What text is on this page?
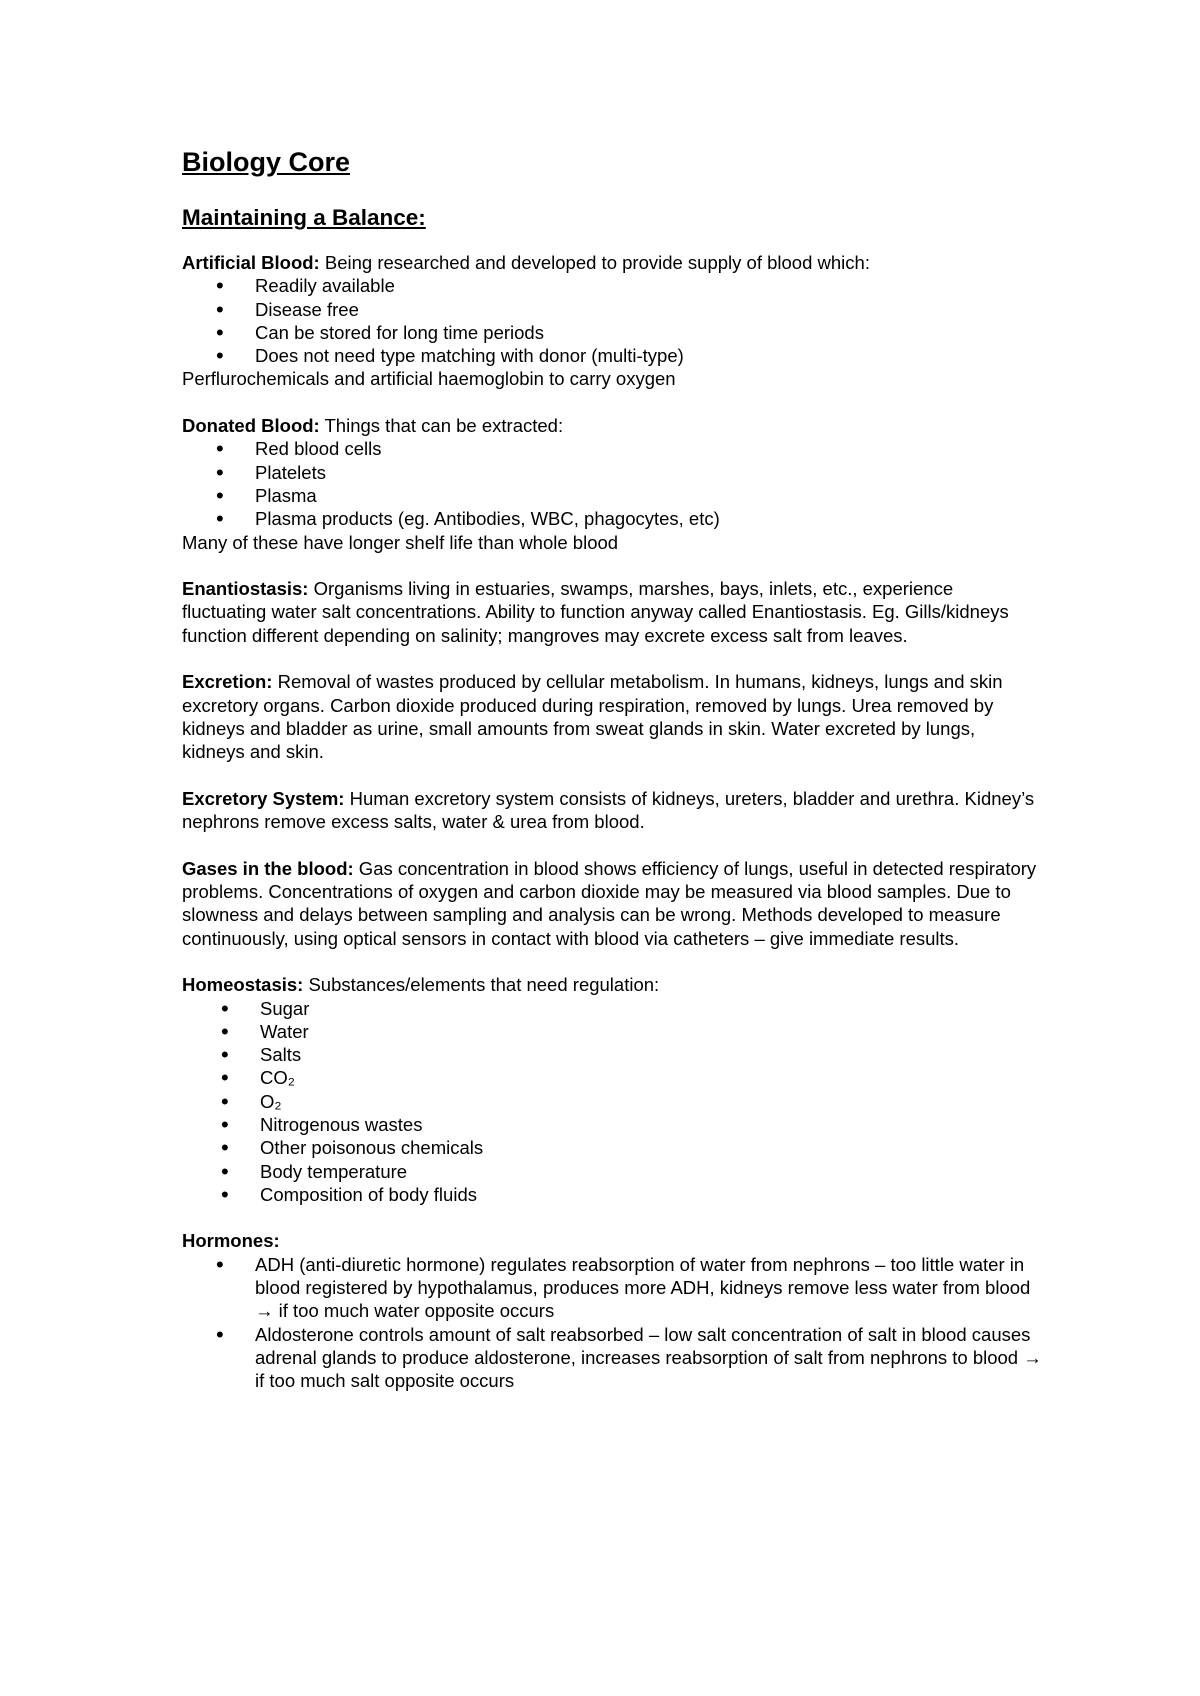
Biology Core
Maintaining a Balance:
Artificial Blood: Being researched and developed to provide supply of blood which:
• Readily available
• Disease free
• Can be stored for long time periods
• Does not need type matching with donor (multi-type)
Perflurochemicals and artificial haemoglobin to carry oxygen
Donated Blood: Things that can be extracted:
• Red blood cells
• Platelets
• Plasma
• Plasma products (eg. Antibodies, WBC, phagocytes, etc)
Many of these have longer shelf life than whole blood

Enantiostasis: Organisms living in estuaries, swamps, marshes, bays, inlets, etc., experience fluctuating water salt concentrations. Ability to function anyway called Enantiostasis. Eg. Gills/kidneys function different depending on salinity; mangroves may excrete excess salt from leaves.

Excretion: Removal of wastes produced by cellular metabolism. In humans, kidneys, lungs and skin excretory organs. Carbon dioxide produced during respiration, removed by lungs. Urea removed by kidneys and bladder as urine, small amounts from sweat glands in skin. Water excreted by lungs, kidneys and skin.

Excretory System: Human excretory system consists of kidneys, ureters, bladder and urethra. Kidney’s nephrons remove excess salts, water & urea from blood.

Gases in the blood: Gas concentration in blood shows efficiency of lungs, useful in detected respiratory problems. Concentrations of oxygen and carbon dioxide may be measured via blood samples. Due to slowness and delays between sampling and analysis can be wrong. Methods developed to measure continuously, using optical sensors in contact with blood via catheters – give immediate results.

Homeostasis: Substances/elements that need regulation:
• Sugar
• Water
• Salts
• CO₂
• O₂
• Nitrogenous wastes
• Other poisonous chemicals
• Body temperature
• Composition of body fluids
Hormones:
• ADH (anti-diuretic hormone) regulates reabsorption of water from nephrons – too little water in blood registered by hypothalamus, produces more ADH, kidneys remove less water from blood → if too much water opposite occurs
• Aldosterone controls amount of salt reabsorbed – low salt concentration of salt in blood causes adrenal glands to produce aldosterone, increases reabsorption of salt from nephrons to blood → if too much salt opposite occurs
